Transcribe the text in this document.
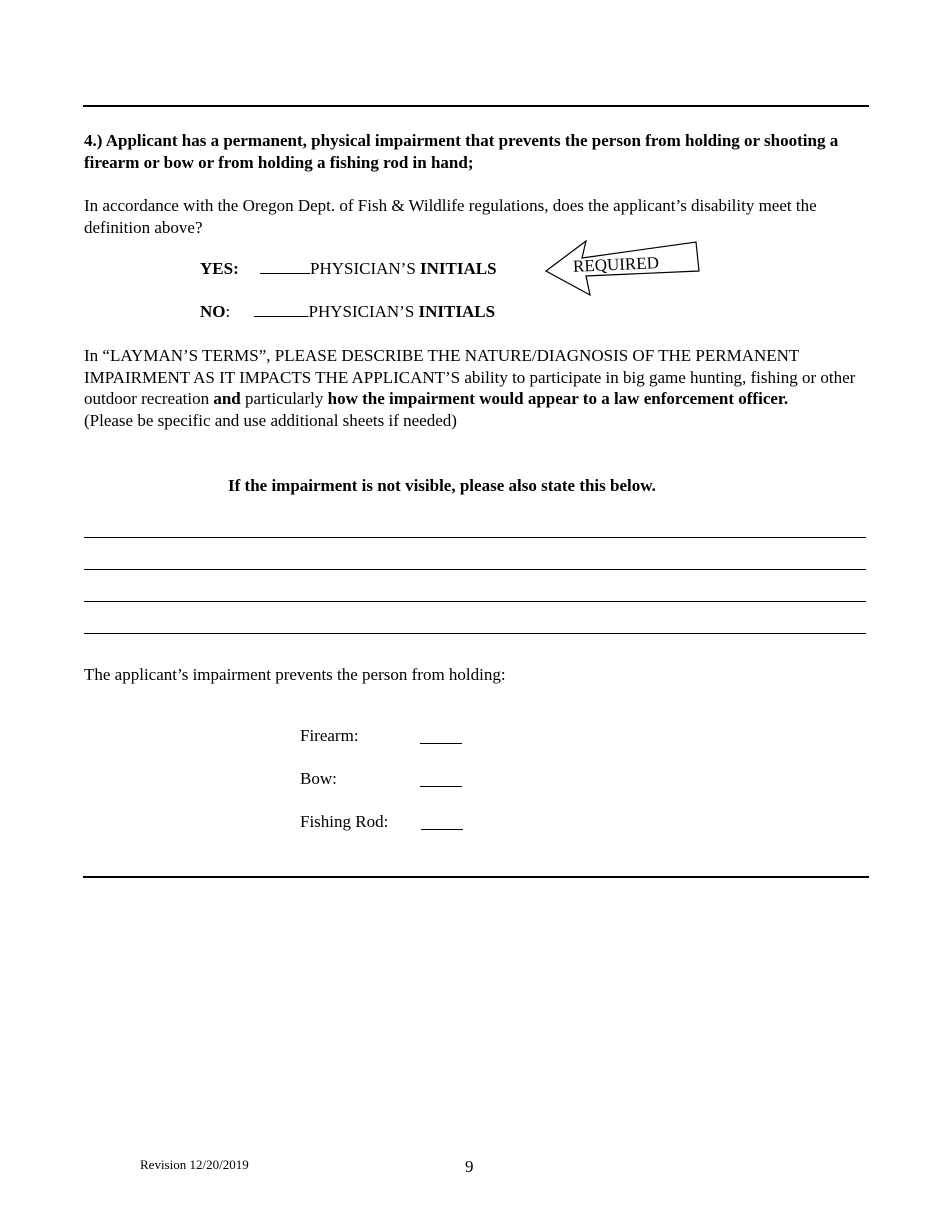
4.) Applicant has a permanent, physical impairment that prevents the person from holding or shooting a firearm or bow or from holding a fishing rod in hand;
In accordance with the Oregon Dept. of Fish & Wildlife regulations, does the applicant’s disability meet the definition above?
YES:	PHYSICIAN’S INITIALS
NO:	PHYSICIAN’S INITIALS
REQUIRED
In “LAYMAN’S TERMS”, PLEASE DESCRIBE THE NATURE/DIAGNOSIS OF THE PERMANENT IMPAIRMENT AS IT IMPACTS THE APPLICANT’S ability to participate in big game hunting, fishing or other outdoor recreation and particularly how the impairment would appear to a law enforcement officer.
(Please be specific and use additional sheets if needed)
If the impairment is not visible, please also state this below.
The applicant’s impairment prevents the person from holding:
Firearm:
Bow:
Fishing Rod:
Revision 12/20/2019	9
